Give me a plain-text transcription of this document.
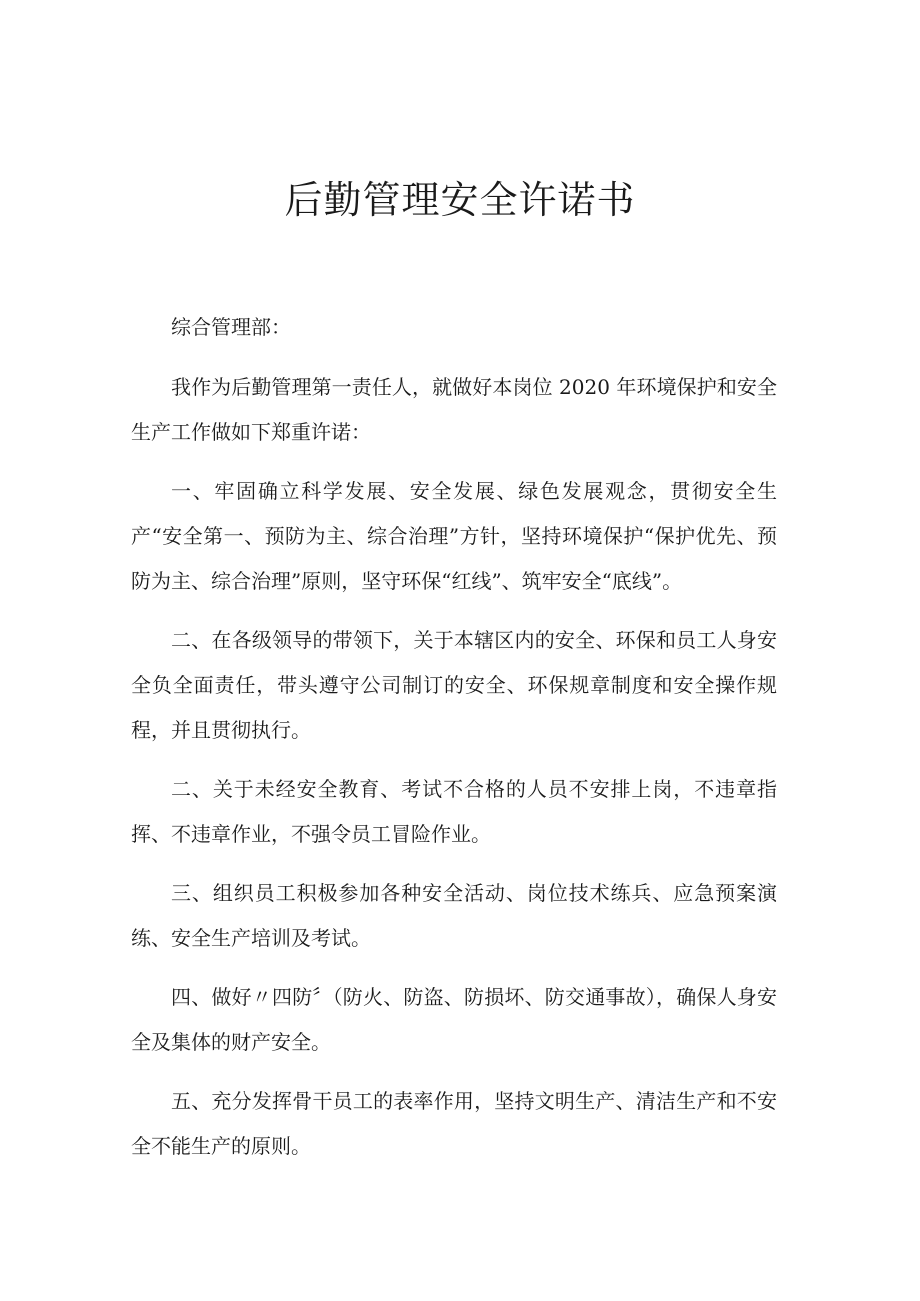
后勤管理安全许诺书

综合管理部：

我作为后勤管理第一责任人，就做好本岗位 2020 年环境保护和安全生产工作做如下郑重许诺：

一、牢固确立科学发展、安全发展、绿色发展观念，贯彻安全生产“安全第一、预防为主、综合治理”方针，坚持环境保护“保护优先、预防为主、综合治理”原则，坚守环保“红线”、筑牢安全“底线”。

二、在各级领导的带领下，关于本辖区内的安全、环保和员工人身安全负全面责任，带头遵守公司制订的安全、环保规章制度和安全操作规程，并且贯彻执行。

二、关于未经安全教育、考试不合格的人员不安排上岗，不违章指挥、不违章作业，不强令员工冒险作业。

三、组织员工积极参加各种安全活动、岗位技术练兵、应急预案演练、安全生产培训及考试。

四、做好〃四防〞（防火、防盗、防损坏、防交通事故），确保人身安全及集体的财产安全。

五、充分发挥骨干员工的表率作用，坚持文明生产、清洁生产和不安全不能生产的原则。
